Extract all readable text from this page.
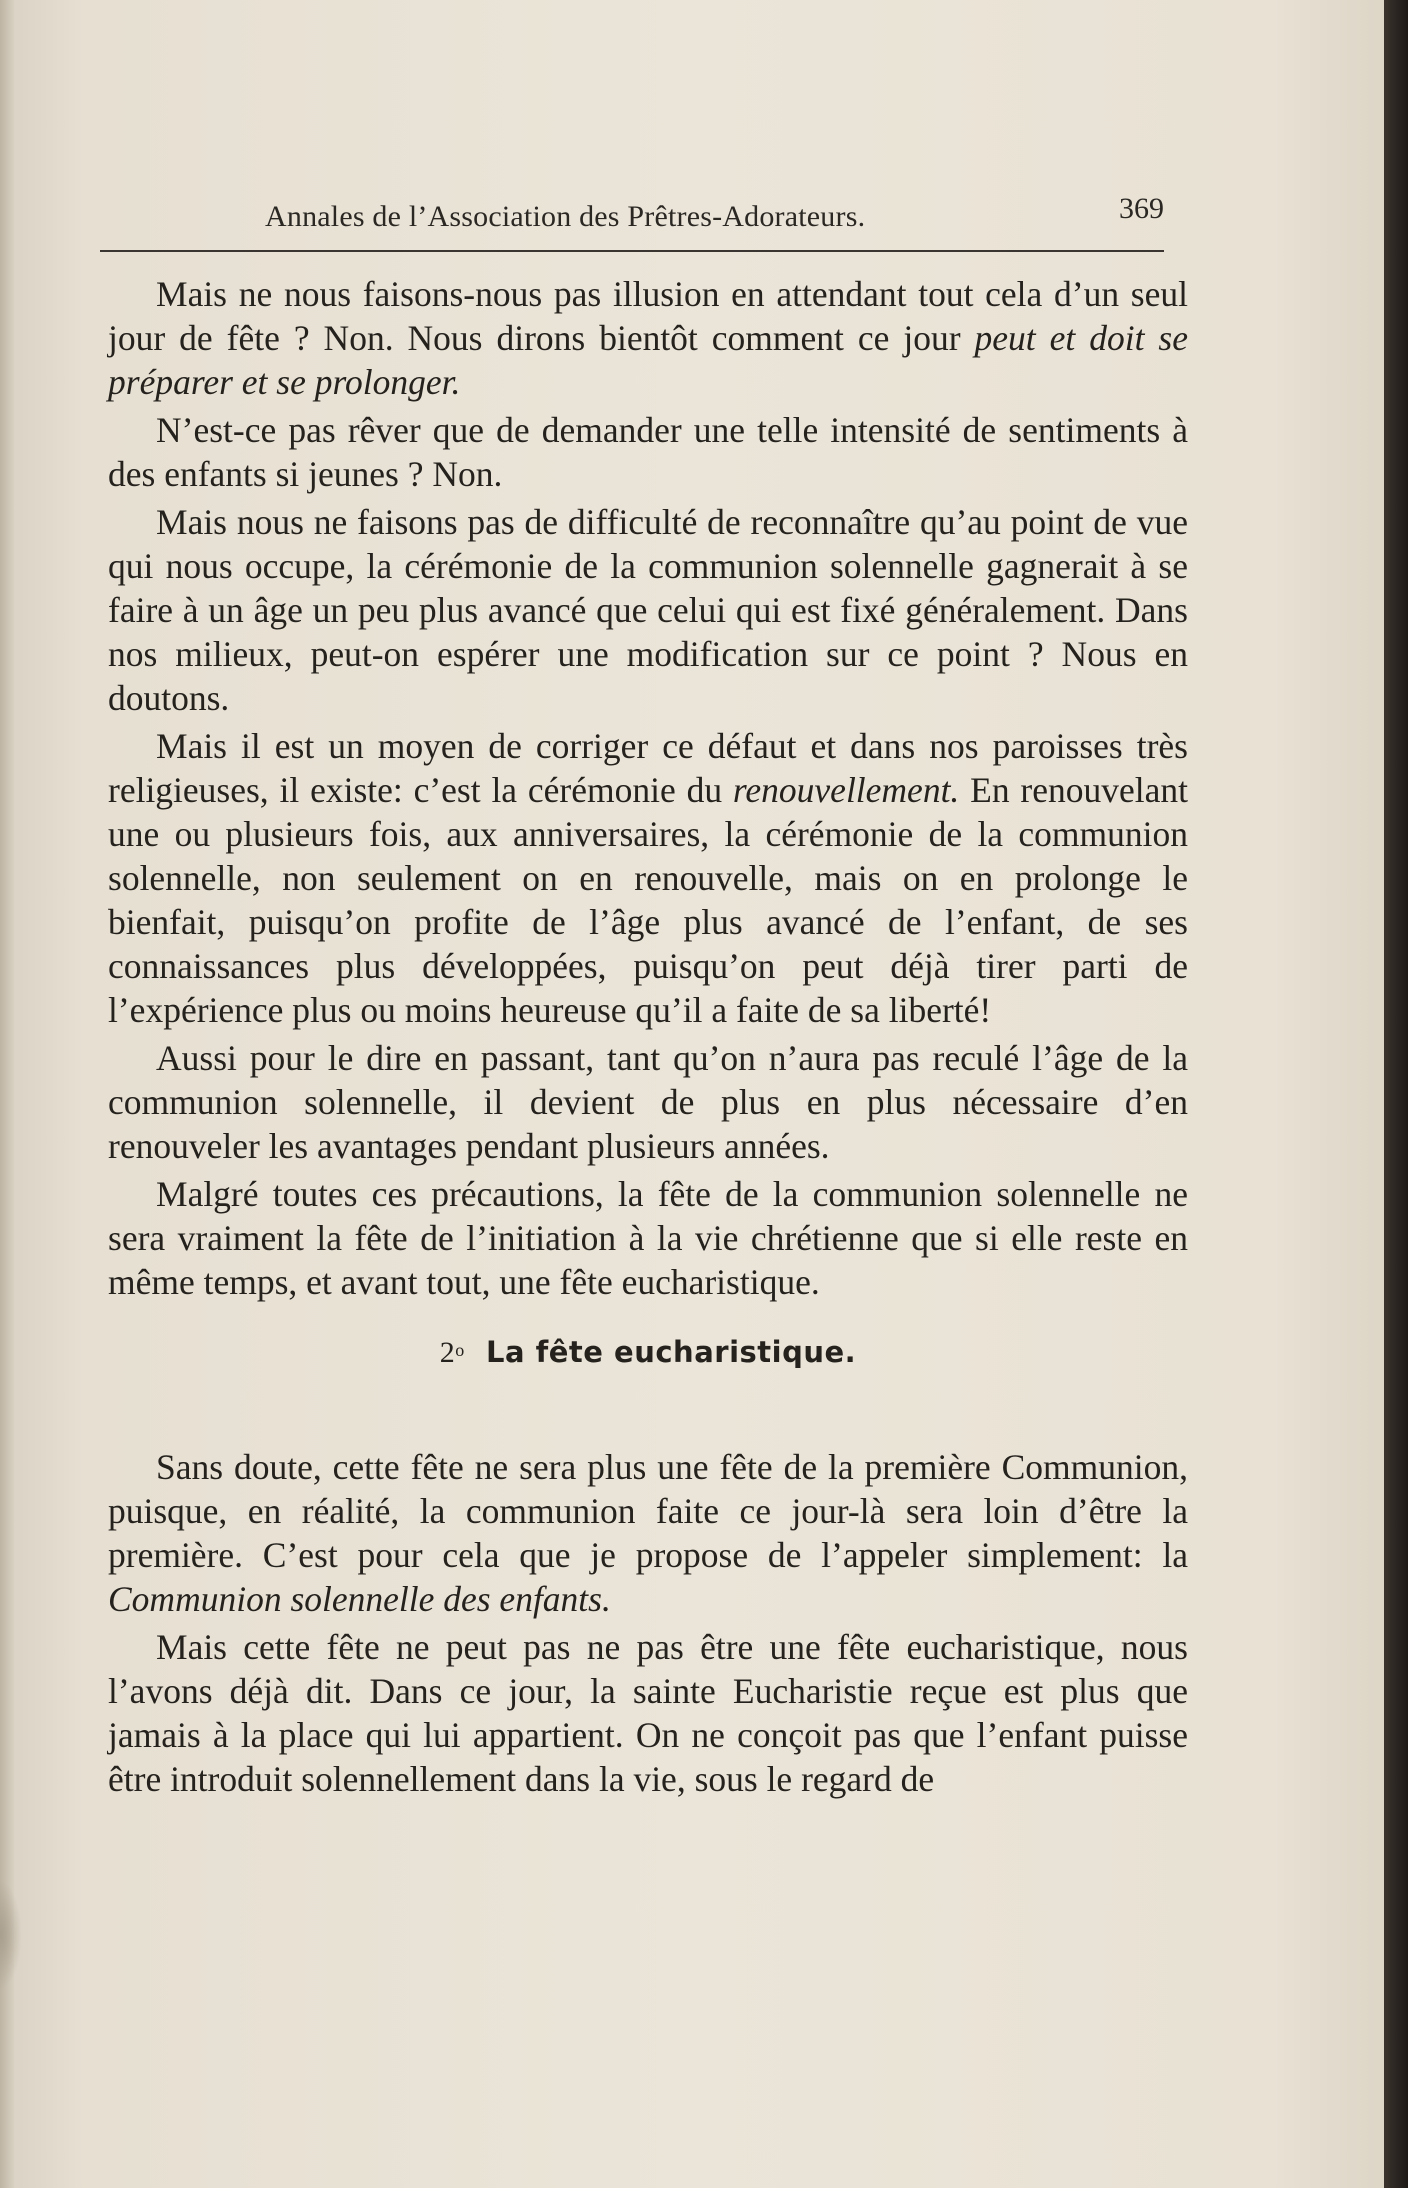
Annales de l’Association des Prêtres-Adorateurs.	369

Mais ne nous faisons-nous pas illusion en attendant tout cela d’un seul jour de fête ? Non. Nous dirons bientôt comment ce jour peut et doit se préparer et se prolonger.

N’est-ce pas rêver que de demander une telle intensité de sentiments à des enfants si jeunes ? Non.

Mais nous ne faisons pas de difficulté de reconnaître qu’au point de vue qui nous occupe, la cérémonie de la communion solennelle gagnerait à se faire à un âge un peu plus avancé que celui qui est fixé généralement. Dans nos milieux, peut-on espérer une modification sur ce point ? Nous en doutons.

Mais il est un moyen de corriger ce défaut et dans nos paroisses très religieuses, il existe: c’est la cérémonie du renouvellement. En renouvelant une ou plusieurs fois, aux anniversaires, la cérémonie de la communion solennelle, non seulement on en renouvelle, mais on en prolonge le bienfait, puisqu’on profite de l’âge plus avancé de l’enfant, de ses connaissances plus développées, puisqu’on peut déjà tirer parti de l’expérience plus ou moins heureuse qu’il a faite de sa liberté!

Aussi pour le dire en passant, tant qu’on n’aura pas reculé l’âge de la communion solennelle, il devient de plus en plus nécessaire d’en renouveler les avantages pendant plusieurs années.

Malgré toutes ces précautions, la fête de la communion solennelle ne sera vraiment la fête de l’initiation à la vie chrétienne que si elle reste en même temps, et avant tout, une fête eucharistique.

2$^o$ La fête eucharistique.

Sans doute, cette fête ne sera plus une fête de la première Communion, puisque, en réalité, la communion faite ce jour-là sera loin d’être la première. C’est pour cela que je propose de l’appeler simplement: la Communion solennelle des enfants.

Mais cette fête ne peut pas ne pas être une fête eucharistique, nous l’avons déjà dit. Dans ce jour, la sainte Eucharistie reçue est plus que jamais à la place qui lui appartient. On ne conçoit pas que l’enfant puisse être introduit solennellement dans la vie, sous le regard de
